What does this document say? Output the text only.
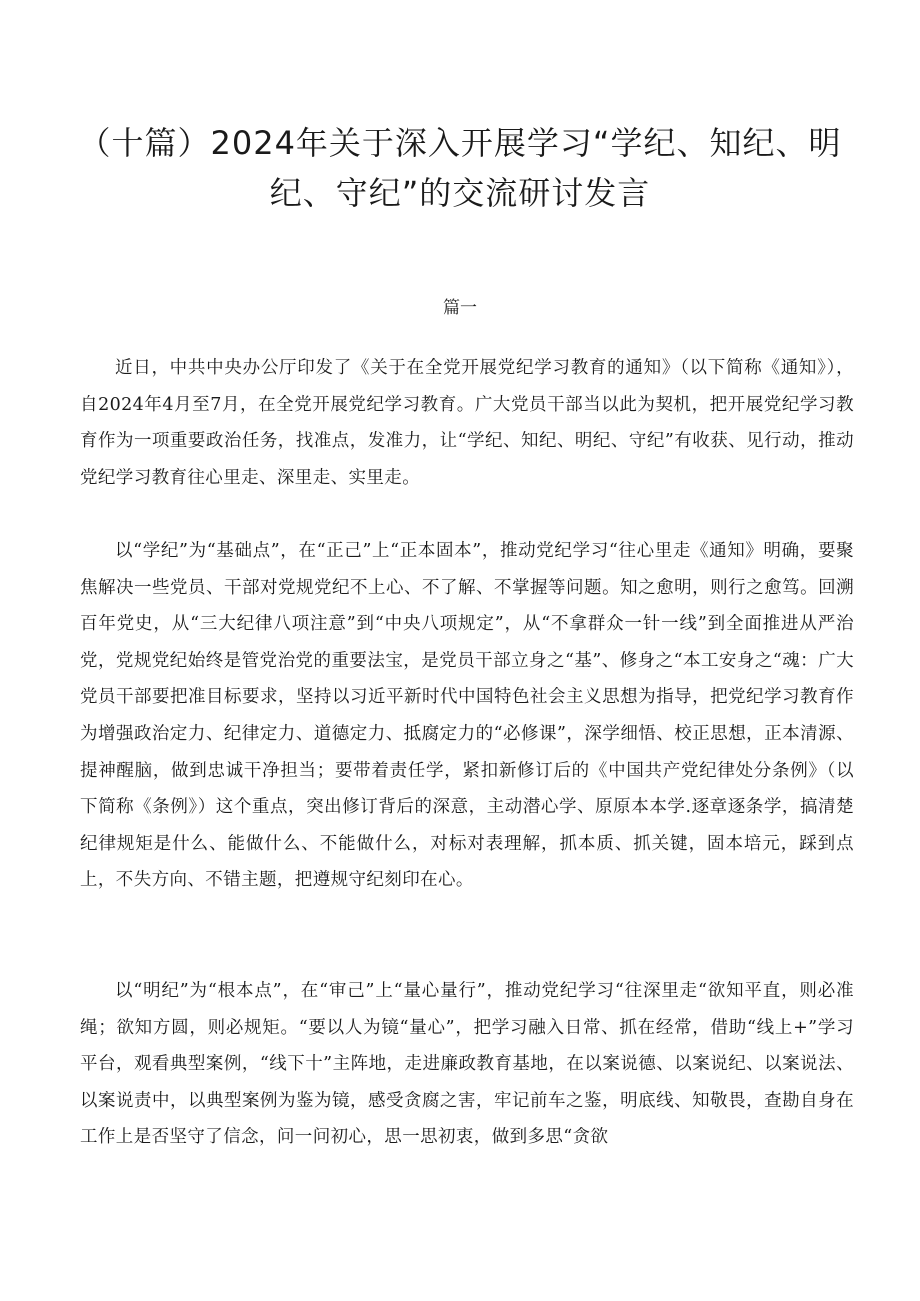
（十篇）2024年关于深入开展学习“学纪、知纪、明纪、守纪”的交流研讨发言
篇一

近日，中共中央办公厅印发了《关于在全党开展党纪学习教育的通知》（以下简称《通知》），自2024年4月至7月，在全党开展党纪学习教育。广大党员干部当以此为契机，把开展党纪学习教育作为一项重要政治任务，找准点，发准力，让“学纪、知纪、明纪、守纪”有收获、见行动，推动党纪学习教育往心里走、深里走、实里走。

以“学纪”为“基础点”，在“正己”上“正本固本”，推动党纪学习“往心里走《通知》明确，要聚焦解决一些党员、干部对党规党纪不上心、不了解、不掌握等问题。知之愈明，则行之愈笃。回溯百年党史，从“三大纪律八项注意”到“中央八项规定”，从“不拿群众一针一线”到全面推进从严治党，党规党纪始终是管党治党的重要法宝，是党员干部立身之“基”、修身之“本工安身之“魂：广大党员干部要把准目标要求，坚持以习近平新时代中国特色社会主义思想为指导，把党纪学习教育作为增强政治定力、纪律定力、道德定力、抵腐定力的“必修课”，深学细悟、校正思想，正本清源、提神醒脑，做到忠诚干净担当；要带着责任学，紧扣新修订后的《中国共产党纪律处分条例》（以下简称《条例》）这个重点，突出修订背后的深意，主动潜心学、原原本本学.逐章逐条学，搞清楚纪律规矩是什么、能做什么、不能做什么，对标对表理解，抓本质、抓关键，固本培元，踩到点上，不失方向、不错主题，把遵规守纪刻印在心。

以“明纪”为“根本点”，在“审己”上“量心量行”，推动党纪学习“往深里走“欲知平直，则必准绳；欲知方圆，则必规矩。“要以人为镜“量心”，把学习融入日常、抓在经常，借助“线上+”学习平台，观看典型案例，“线下十”主阵地，走进廉政教育基地，在以案说德、以案说纪、以案说法、以案说责中，以典型案例为鉴为镜，感受贪腐之害，牢记前车之鉴，明底线、知敬畏，查勘自身在工作上是否坚守了信念，问一问初心，思一思初衷，做到多思“贪欲
